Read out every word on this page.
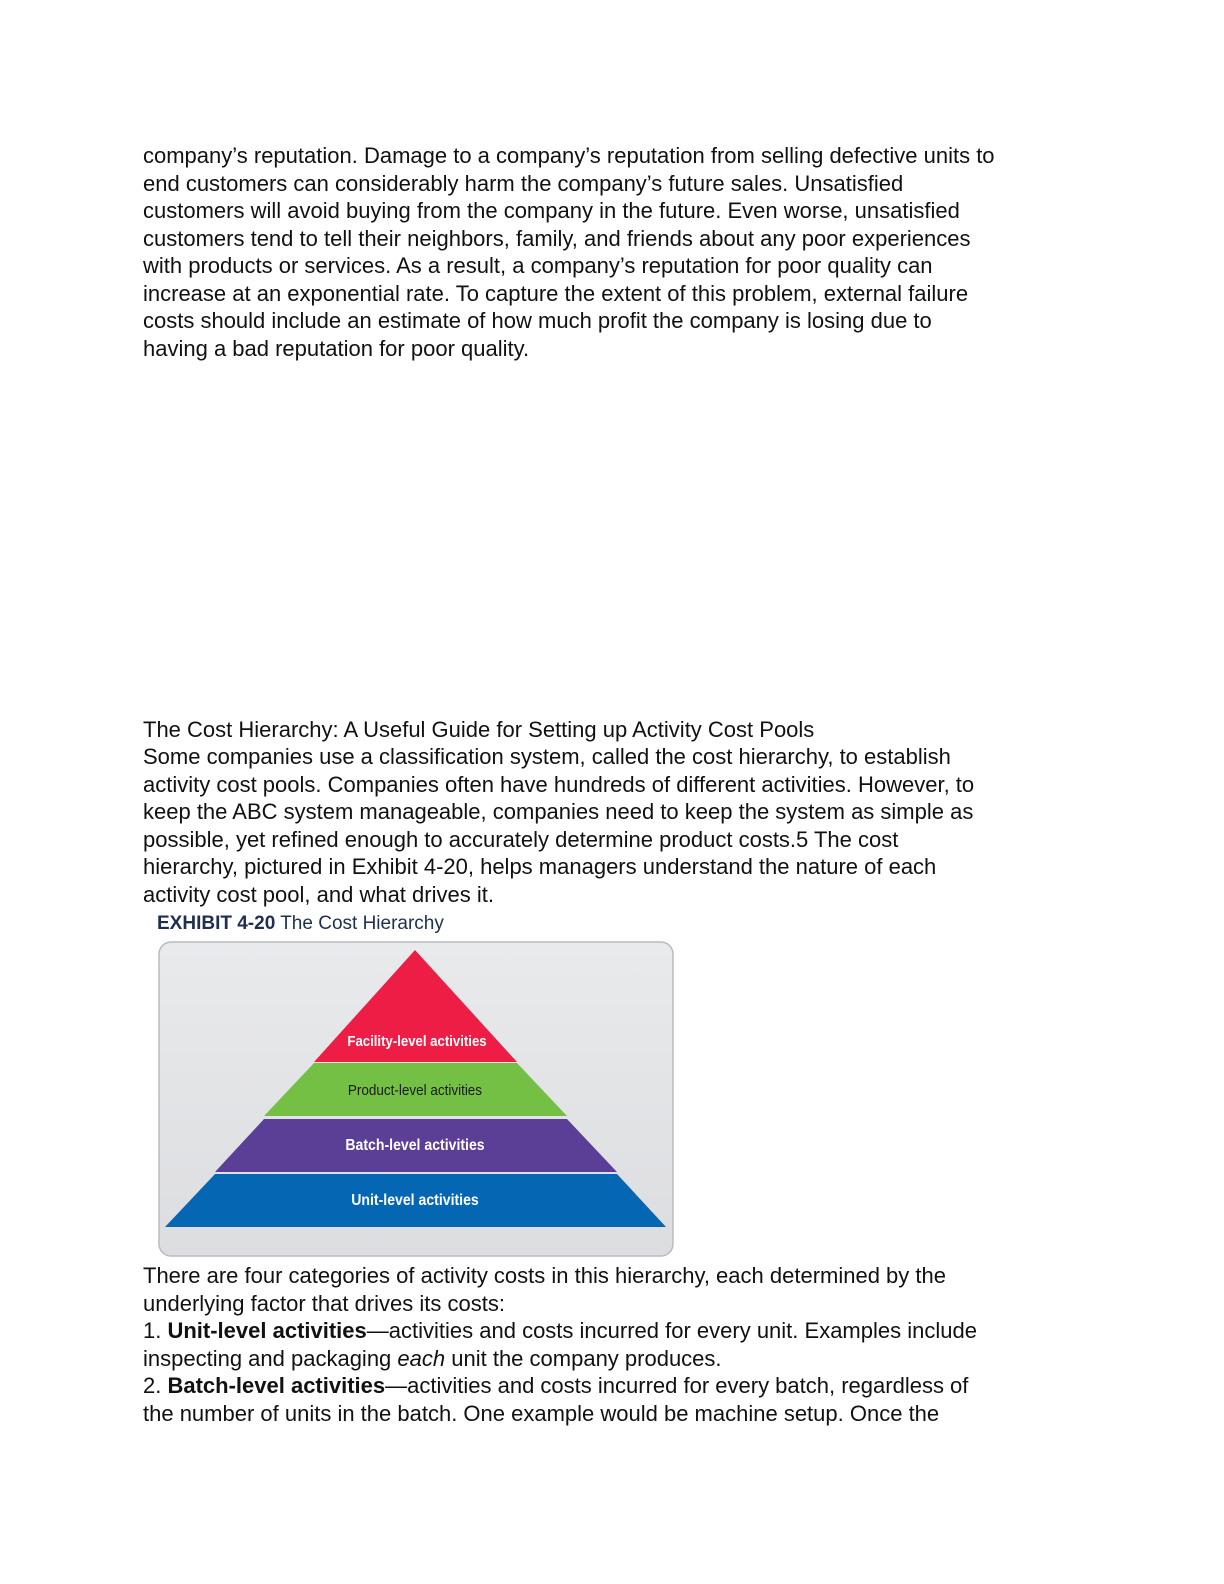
company’s reputation. Damage to a company’s reputation from selling defective units to
end customers can considerably harm the company’s future sales. Unsatisfied
customers will avoid buying from the company in the future. Even worse, unsatisfied
customers tend to tell their neighbors, family, and friends about any poor experiences
with products or services. As a result, a company’s reputation for poor quality can
increase at an exponential rate. To capture the extent of this problem, external failure
costs should include an estimate of how much profit the company is losing due to
having a bad reputation for poor quality.

The Cost Hierarchy: A Useful Guide for Setting up Activity Cost Pools

Some companies use a classification system, called the cost hierarchy, to establish
activity cost pools. Companies often have hundreds of different activities. However, to
keep the ABC system manageable, companies need to keep the system as simple as
possible, yet refined enough to accurately determine product costs.5 The cost
hierarchy, pictured in Exhibit 4-20, helps managers understand the nature of each
activity cost pool, and what drives it.

EXHIBIT 4-20 The Cost Hierarchy
Facility-level activities
Product-level activities
Batch-level activities
Unit-level activities

There are four categories of activity costs in this hierarchy, each determined by the
underlying factor that drives its costs:

1. Unit-level activities—activities and costs incurred for every unit. Examples include
inspecting and packaging each unit the company produces.
2. Batch-level activities—activities and costs incurred for every batch, regardless of
the number of units in the batch. One example would be machine setup. Once the
